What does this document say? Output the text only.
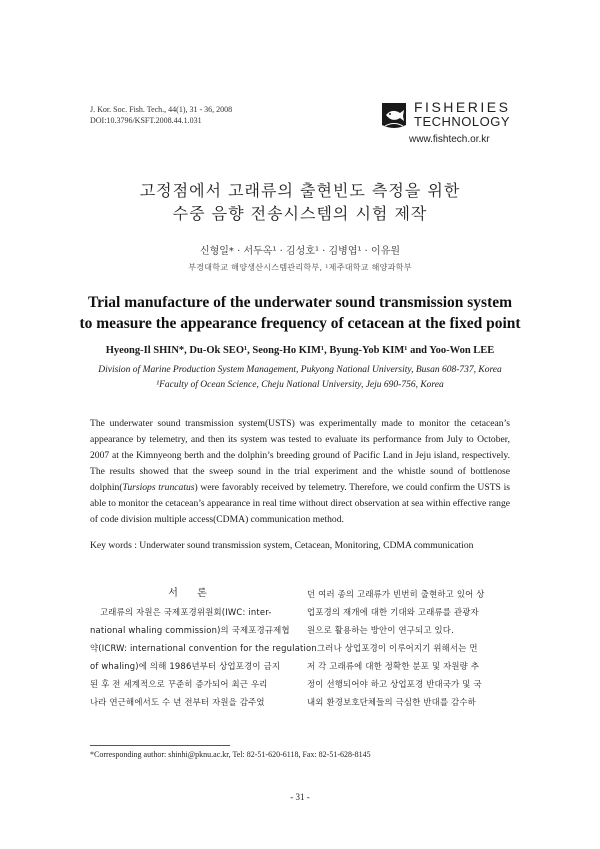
J. Kor. Soc. Fish. Tech., 44(1), 31 - 36, 2008
DOI:10.3796/KSFT.2008.44.1.031
FISHERIES
TECHNOLOGY
www.fishtech.or.kr
고정점에서 고래류의 출현빈도 측정을 위한
수중 음향 전송시스템의 시험 제작
신형일* · 서두옥¹ · 김성호¹ · 김병엽¹ · 이유원
부경대학교 해양생산시스템관리학부, ¹제주대학교 해양과학부
Trial manufacture of the underwater sound transmission system
to measure the appearance frequency of cetacean at the fixed point
Hyeong-Il SHIN*, Du-Ok SEO¹, Seong-Ho KIM¹, Byung-Yob KIM¹ and Yoo-Won LEE
Division of Marine Production System Management, Pukyong National University, Busan 608-737, Korea
¹Faculty of Ocean Science, Cheju National University, Jeju 690-756, Korea
The underwater sound transmission system(USTS) was experimentally made to monitor the cetacean’s appearance by telemetry, and then its system was tested to evaluate its performance from July to October, 2007 at the Kimnyeong berth and the dolphin’s breeding ground of Pacific Land in Jeju island, respectively. The results showed that the sweep sound in the trial experiment and the whistle sound of bottlenose dolphin(Tursiops truncatus) were favorably received by telemetry. Therefore, we could confirm the USTS is able to monitor the cetacean’s appearance in real time without direct observation at sea within effective range of code division multiple access(CDMA) communication method.
Key words : Underwater sound transmission system, Cetacean, Monitoring, CDMA communication
서 론
고래류의 자원은 국제포경위원회(IWC: inter-
national whaling commission)의 국제포경규제협
약(ICRW: international convention for the regulation
of whaling)에 의해 1986년부터 상업포경이 금지
된 후 전 세계적으로 꾸준히 증가되어 최근 우리
나라 연근해에서도 수 년 전부터 자원을 감주었
던 여러 종의 고래류가 빈번히 출현하고 있어 상
업포경의 재개에 대한 기대와 고래류를 관광자
원으로 활용하는 방안이 연구되고 있다.
그러나 상업포경이 이루어지기 위해서는 먼
저 각 고래류에 대한 정확한 분포 및 자원량 추
정이 선행되어야 하고 상업포경 반대국가 및 국
내외 환경보호단체들의 극심한 반대를 감수하
*Corresponding author: shinhi@pknu.ac.kr, Tel: 82-51-620-6118, Fax: 82-51-628-8145
- 31 -
